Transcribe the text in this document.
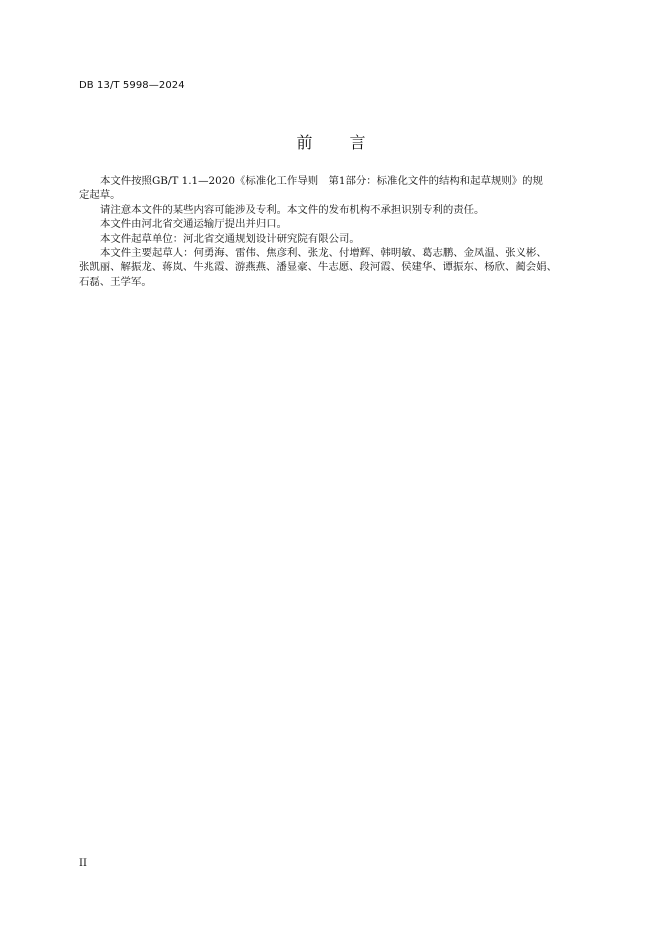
DB 13/T 5998—2024
前 言

本文件按照GB/T 1.1—2020《标准化工作导则　第1部分：标准化文件的结构和起草规则》的规
定起草。

请注意本文件的某些内容可能涉及专利。本文件的发布机构不承担识别专利的责任。

本文件由河北省交通运输厅提出并归口。

本文件起草单位：河北省交通规划设计研究院有限公司。

本文件主要起草人：何勇海、雷伟、焦彦利、张龙、付增辉、韩明敏、葛志鹏、金凤温、张义彬、
张凯丽、解振龙、蒋岚、牛兆霞、游燕燕、潘显豪、牛志愿、段河霞、侯建华、谭振东、杨欣、蔺会娟、
石磊、王学军。

II
